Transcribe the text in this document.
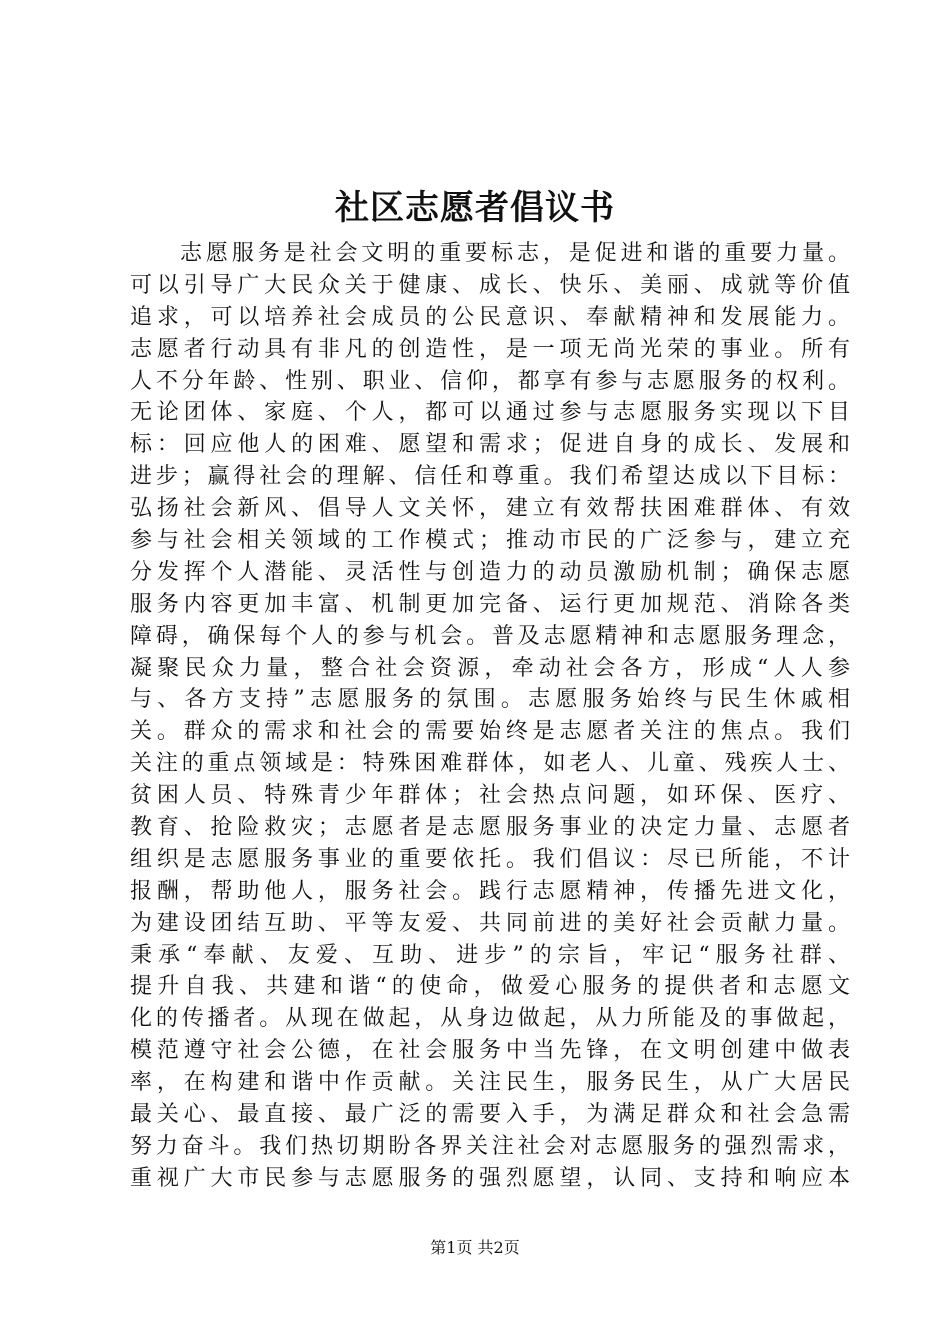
社区志愿者倡议书
志愿服务是社会文明的重要标志，是促进和谐的重要力量。
可以引导广大民众关于健康、成长、快乐、美丽、成就等价值
追求，可以培养社会成员的公民意识、奉献精神和发展能力。
志愿者行动具有非凡的创造性，是一项无尚光荣的事业。所有
人不分年龄、性别、职业、信仰，都享有参与志愿服务的权利。
无论团体、家庭、个人，都可以通过参与志愿服务实现以下目
标：回应他人的困难、愿望和需求；促进自身的成长、发展和
进步；赢得社会的理解、信任和尊重。我们希望达成以下目标：
弘扬社会新风、倡导人文关怀，建立有效帮扶困难群体、有效
参与社会相关领域的工作模式；推动市民的广泛参与，建立充
分发挥个人潜能、灵活性与创造力的动员激励机制；确保志愿
服务内容更加丰富、机制更加完备、运行更加规范、消除各类
障碍，确保每个人的参与机会。普及志愿精神和志愿服务理念，
凝聚民众力量，整合社会资源，牵动社会各方，形成“人人参
与、各方支持”志愿服务的氛围。志愿服务始终与民生休戚相
关。群众的需求和社会的需要始终是志愿者关注的焦点。我们
关注的重点领域是：特殊困难群体，如老人、儿童、残疾人士、
贫困人员、特殊青少年群体；社会热点问题，如环保、医疗、
教育、抢险救灾；志愿者是志愿服务事业的决定力量、志愿者
组织是志愿服务事业的重要依托。我们倡议：尽已所能，不计
报酬，帮助他人，服务社会。践行志愿精神，传播先进文化，
为建设团结互助、平等友爱、共同前进的美好社会贡献力量。
秉承“奉献、友爱、互助、进步”的宗旨，牢记“服务社群、
提升自我、共建和谐“的使命，做爱心服务的提供者和志愿文
化的传播者。从现在做起，从身边做起，从力所能及的事做起，
模范遵守社会公德，在社会服务中当先锋，在文明创建中做表
率，在构建和谐中作贡献。关注民生，服务民生，从广大居民
最关心、最直接、最广泛的需要入手，为满足群众和社会急需
努力奋斗。我们热切期盼各界关注社会对志愿服务的强烈需求，
重视广大市民参与志愿服务的强烈愿望，认同、支持和响应本
第1页 共2页
